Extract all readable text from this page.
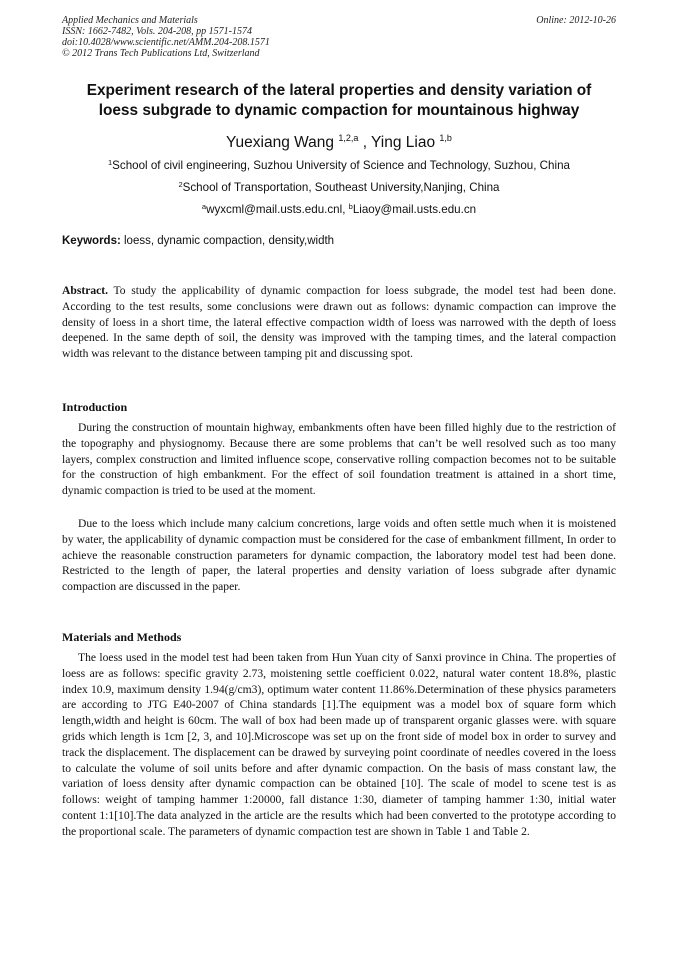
Applied Mechanics and Materials
ISSN: 1662-7482, Vols. 204-208, pp 1571-1574
doi:10.4028/www.scientific.net/AMM.204-208.1571
© 2012 Trans Tech Publications Ltd, Switzerland
Online: 2012-10-26
Experiment research of the lateral properties and density variation of
loess subgrade to dynamic compaction for mountainous highway
Yuexiang Wang $^{1,2,a}$ , Ying Liao $^{1,b}$
$^1$School of civil engineering, Suzhou University of Science and Technology, Suzhou, China
$^2$School of Transportation, Southeast University,Nanjing, China
$^a$wyxcml@mail.usts.edu.cnl, $^b$Liaoy@mail.usts.edu.cn
Keywords: loess, dynamic compaction, density,width
Abstract. To study the applicability of dynamic compaction for loess subgrade, the model test had been done. According to the test results, some conclusions were drawn out as follows: dynamic compaction can improve the density of loess in a short time, the lateral effective compaction width of loess was narrowed with the depth of loess deepened. In the same depth of soil, the density was improved with the tamping times, and the lateral compaction width was relevant to the distance between tamping pit and discussing spot.
Introduction
During the construction of mountain highway, embankments often have been filled highly due to the restriction of the topography and physiognomy. Because there are some problems that can’t be well resolved such as too many layers, complex construction and limited influence scope, conservative rolling compaction becomes not to be suitable for the construction of high embankment. For the effect of soil foundation treatment is attained in a short time, dynamic compaction is tried to be used at the moment.
Due to the loess which include many calcium concretions, large voids and often settle much when it is moistened by water, the applicability of dynamic compaction must be considered for the case of embankment fillment, In order to achieve the reasonable construction parameters for dynamic compaction, the laboratory model test had been done. Restricted to the length of paper, the lateral properties and density variation of loess subgrade after dynamic compaction are discussed in the paper.
Materials and Methods
The loess used in the model test had been taken from Hun Yuan city of Sanxi province in China. The properties of loess are as follows: specific gravity 2.73, moistening settle coefficient 0.022, natural water content 18.8%, plastic index 10.9, maximum density 1.94(g/cm3), optimum water content 11.86%.Determination of these physics parameters are according to JTG E40-2007 of China standards [1].The equipment was a model box of square form which length,width and height is 60cm. The wall of box had been made up of transparent organic glasses were. with square grids which length is 1cm [2, 3, and 10].Microscope was set up on the front side of model box in order to survey and track the displacement. The displacement can be drawed by surveying point coordinate of needles covered in the loess to calculate the volume of soil units before and after dynamic compaction. On the basis of mass constant law, the variation of loess density after dynamic compaction can be obtained [10]. The scale of model to scene test is as follows: weight of tamping hammer 1:20000, fall distance 1:30, diameter of tamping hammer 1:30, initial water content 1:1[10].The data analyzed in the article are the results which had been converted to the prototype according to the proportional scale. The parameters of dynamic compaction test are shown in Table 1 and Table 2.
